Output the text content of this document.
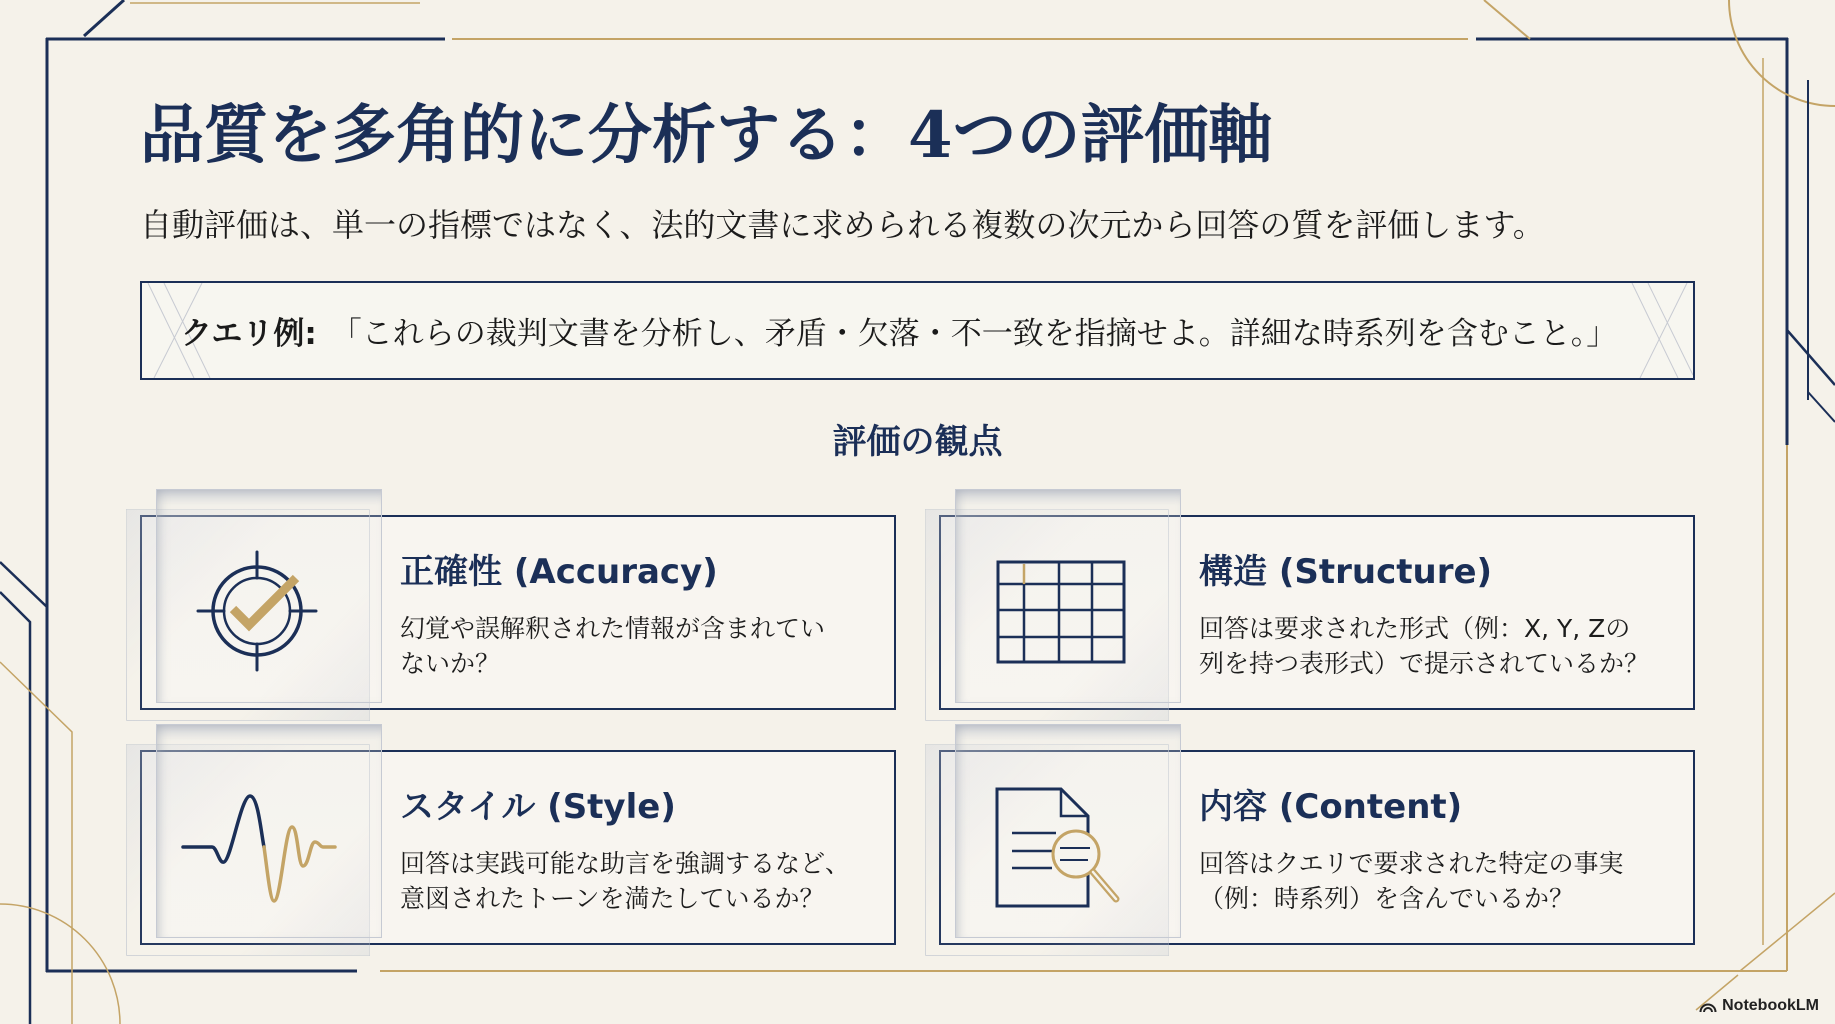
品質を多角的に分析する：4つの評価軸

自動評価は、単一の指標ではなく、法的文書に求められる複数の次元から回答の質を評価します。

クエリ例: 「これらの裁判文書を分析し、矛盾・欠落・不一致を指摘せよ。詳細な時系列を含むこと。」
評価の観点
正確性 (Accuracy)

幻覚や誤解釈された情報が含まれてい
ないか？

構造 (Structure)

回答は要求された形式（例：X, Y, Zの
列を持つ表形式）で提示されているか？

スタイル (Style)

回答は実践可能な助言を強調するなど、
意図されたトーンを満たしているか？

内容 (Content)

回答はクエリで要求された特定の事実
（例：時系列）を含んでいるか？

NotebookLM
